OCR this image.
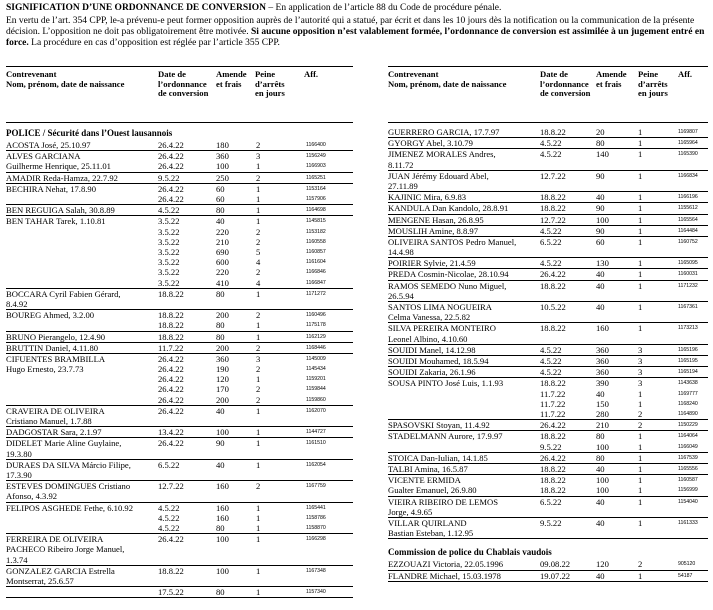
SIGNIFICATION D’UNE ORDONNANCE DE CONVERSION – En application de l’article 88 du Code de procédure pénale.

En vertu de l’art. 354 CPP, le-a prévenu-e peut former opposition auprès de l’autorité qui a statué, par écrit et dans les 10 jours dès la notification ou la communication de la présente décision. L’opposition ne doit pas obligatoirement être motivée. Si aucune opposition n’est valablement formée, l’ordonnance de conversion est assimilée à un jugement entré en force. La procédure en cas d’opposition est réglée par l’article 355 CPP.

Contrevenant
Nom, prénom, date de naissance
Date de l’ordonnance de conversion
Amende et frais
Peine d’arrêts en jours
Aff.
POLICE / Sécurité dans l’Ouest lausannois
ACOSTA José, 25.10.97	26.4.22	180	2	1166400
ALVES GARCIANA
Guilherme Henrique, 25.11.01
26.4.22	360	3	1156249
26.4.22	100	1	1166903
AMADIR Reda-Hamza, 22.7.92	9.5.22	250	2	1165251
BECHIRA Nehat, 17.8.90	26.4.22	60	1	1153164
26.4.22	60	1	1157906
BEN REGUIGA Salah, 30.8.89	4.5.22	80	1	1164698
BEN TAHAR Tarek, 1.10.81	3.5.22	40	1	1145815
3.5.22	220	2	1153182
3.5.22	210	2	1160558
3.5.22	690	5	1160857
3.5.22	600	4	1161604
3.5.22	220	2	1166846
3.5.22	410	4	1166847
BOCCARA Cyril Fabien Gérard,
8.4.92
18.8.22	80	1	1171272
BOUREG Ahmed, 3.2.00	18.8.22	200	2	1160496
18.8.22	80	1	1175178
BRUNO Pierangelo, 12.4.90	18.8.22	80	1	1162129
BRUTTIN Daniel, 4.11.80	11.7.22	200	2	1168446
CIFUENTES BRAMBILLA
Hugo Ernesto, 23.7.73
26.4.22	360	3	1145009
26.4.22	190	2	1145434
26.4.22	120	1	1159201
26.4.22	170	2	1159844
26.4.22	200	2	1159860
CRAVEIRA DE OLIVEIRA
Cristiano Manuel, 1.7.88
26.4.22	40	1	1162070
DADGOSTAR Sara, 2.1.97	13.4.22	100	1	1144727
DIDELET Marie Aline Guylaine,
19.3.80
26.4.22	90	1	1161510
DURAES DA SILVA Márcio Filipe,
17.3.90
6.5.22	40	1	1162054
ESTEVES DOMINGUES Cristiano
Afonso, 4.3.92
12.7.22	160	2	1167759
FELIPOS ASGHEDE Fethe, 6.10.92	4.5.22	160	1	1165441
4.5.22	160	1	1158786
4.5.22	80	1	1158870
FERREIRA DE OLIVEIRA
PACHECO Ribeiro Jorge Manuel,
1.3.74
26.4.22	100	1	1166298
GONZALEZ GARCIA Estrella
Montserrat, 25.6.57
18.8.22	100	1	1167348
17.5.22	80	1	1157340
Contrevenant
Nom, prénom, date de naissance
Date de l’ordonnance de conversion
Amende et frais
Peine d’arrêts en jours
Aff.
GUERRERO GARCIA, 17.7.97	18.8.22	20	1	1169807
GYORGY Abel, 3.10.79	4.5.22	80	1	1165964
JIMENEZ MORALES Andres,
8.11.72
4.5.22	140	1	1165390
JUAN Jérémy Edouard Abel,
27.11.89
12.7.22	90	1	1166834
KAJINIC Mira, 6.9.83	18.8.22	40	1	1166196
KANDULA Dan Kandolo, 28.8.91	18.8.22	90	1	1155612
MENGENE Hasan, 26.8.95	12.7.22	100	1	1165564
MOUSLIH Amine, 8.8.97	4.5.22	90	1	1164484
OLIVEIRA SANTOS Pedro Manuel,
14.4.98
6.5.22	60	1	1160752
POIRIER Sylvie, 21.4.59	4.5.22	130	1	1165095
PREDA Cosmin-Nicolae, 28.10.94	26.4.22	40	1	1160031
RAMOS SEMEDO Nuno Miguel,
26.5.94
18.8.22	40	1	1171232
SANTOS LIMA NOGUEIRA
Celma Vanessa, 22.5.82
10.5.22	40	1	1167361
SILVA PEREIRA MONTEIRO
Leonel Albino, 4.10.60
18.8.22	160	1	1173213
SOUIDI Manel, 14.12.98	4.5.22	360	3	1165196
SOUIDI Mouhamed, 18.5.94	4.5.22	360	3	1165195
SOUIDI Zakaria, 26.1.96	4.5.22	360	3	1165194
SOUSA PINTO José Luis, 1.1.93	18.8.22	390	3	1143638
11.7.22	40	1	1169777
11.7.22	150	1	1168240
11.7.22	280	2	1164890
SPASOVSKI Stoyan, 11.4.92	26.4.22	210	2	1150229
STADELMANN Aurore, 17.9.97	18.8.22	80	1	1164064
9.5.22	100	1	1166049
STOICA Dan-Iulian, 14.1.85	26.4.22	80	1	1167539
TALBI Amina, 16.5.87	18.8.22	40	1	1165556
VICENTE ERMIDA
Gualter Emanuel, 26.9.80
18.8.22	100	1	1160587
18.8.22	100	1	1156999
VIEIRA RIBEIRO DE LEMOS
Jorge, 4.9.65
6.5.22	40	1	1154040
VILLAR QUIRLAND
Bastian Esteban, 1.12.95
9.5.22	40	1	1161333
Commission de police du Chablais vaudois
EZZOUAZI Victoria, 22.05.1996	09.08.22	120	2	905120
FLANDRE Michael, 15.03.1978	19.07.22	40	1	54187
